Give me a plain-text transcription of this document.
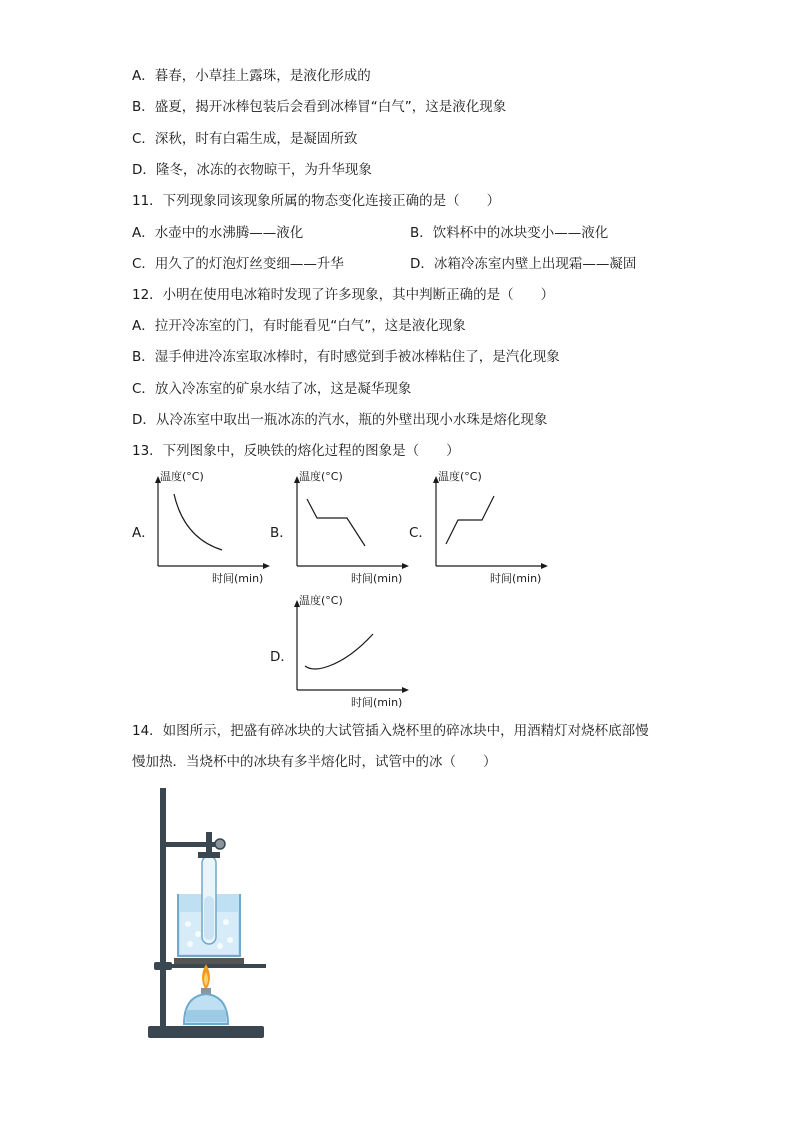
A．暮春，小草挂上露珠，是液化形成的
B．盛夏，揭开冰棒包装后会看到冰棒冒“白气”，这是液化现象
C．深秋，时有白霜生成，是凝固所致
D．隆冬，冰冻的衣物晾干，为升华现象
11．下列现象同该现象所属的物态变化连接正确的是（　　）
A．水壶中的水沸腾——液化	B．饮料杯中的冰块变小——液化
C．用久了的灯泡灯丝变细——升华	D．冰箱冷冻室内壁上出现霜——凝固
12．小明在使用电冰箱时发现了许多现象，其中判断正确的是（　　）
A．拉开冷冻室的门，有时能看见“白气”，这是液化现象
B．湿手伸进冷冻室取冰棒时，有时感觉到手被冰棒粘住了，是汽化现象
C．放入冷冻室的矿泉水结了冰，这是凝华现象
D．从冷冻室中取出一瓶冰冻的汽水，瓶的外壁出现小水珠是熔化现象
13．下列图象中，反映铁的熔化过程的图象是（　　）
A．
温度(°C)
时间(min)
B．
温度(°C)
时间(min)
C．
温度(°C)
时间(min)
D．
温度(°C)
时间(min)
14．如图所示，把盛有碎冰块的大试管插入烧杯里的碎冰块中，用酒精灯对烧杯底部慢
慢加热．当烧杯中的冰块有多半熔化时，试管中的冰（　　）
